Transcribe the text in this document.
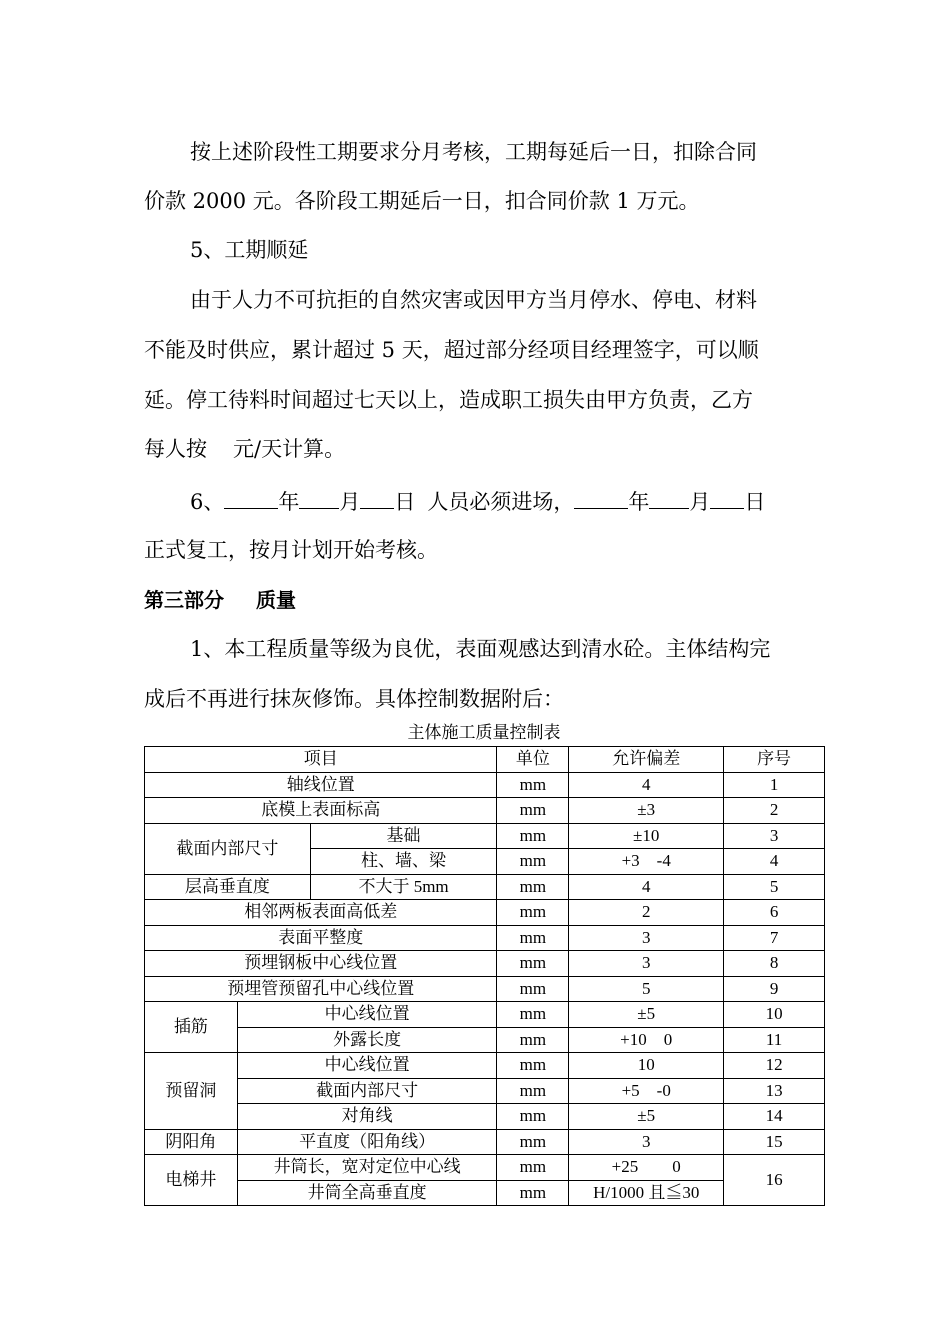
按上述阶段性工期要求分月考核，工期每延后一日，扣除合同
价款 2000 元。各阶段工期延后一日，扣合同价款 1 万元。
5、工期顺延
由于人力不可抗拒的自然灾害或因甲方当月停水、停电、材料
不能及时供应，累计超过 5 天，超过部分经项目经理签字，可以顺
延。停工待料时间超过七天以上，造成职工损失由甲方负责，乙方
每人按 元/天计算。
6、	年 月 日 人员必须进场，	年 月 日
正式复工，按月计划开始考核。
第三部分 质量
1、本工程质量等级为良优，表面观感达到清水砼。主体结构完
成后不再进行抹灰修饰。具体控制数据附后：
主体施工质量控制表
项目			单位	允许偏差	序号
轴线位置			mm	4	1
底模上表面标高			mm	±3	2
截面内部尺寸		基础	mm	±10	3
		柱、墙、梁	mm	+3　-4	4
层高垂直度		不大于 5mm	mm	4	5
相邻两板表面高低差			mm	2	6
表面平整度			mm	3	7
预埋钢板中心线位置			mm	3	8
预埋管预留孔中心线位置			mm	5	9
插筋	中心线位置		mm	±5	10
	外露长度		mm	+10　0	11
预留洞	中心线位置		mm	10	12
	截面内部尺寸		mm	+5　-0	13
	对角线		mm	±5	14
阴阳角	平直度（阳角线）		mm	3	15
电梯井	井筒长，宽对定位中心线		mm	+25　　0	16
	井筒全高垂直度		mm	H/1000 且≦30	
